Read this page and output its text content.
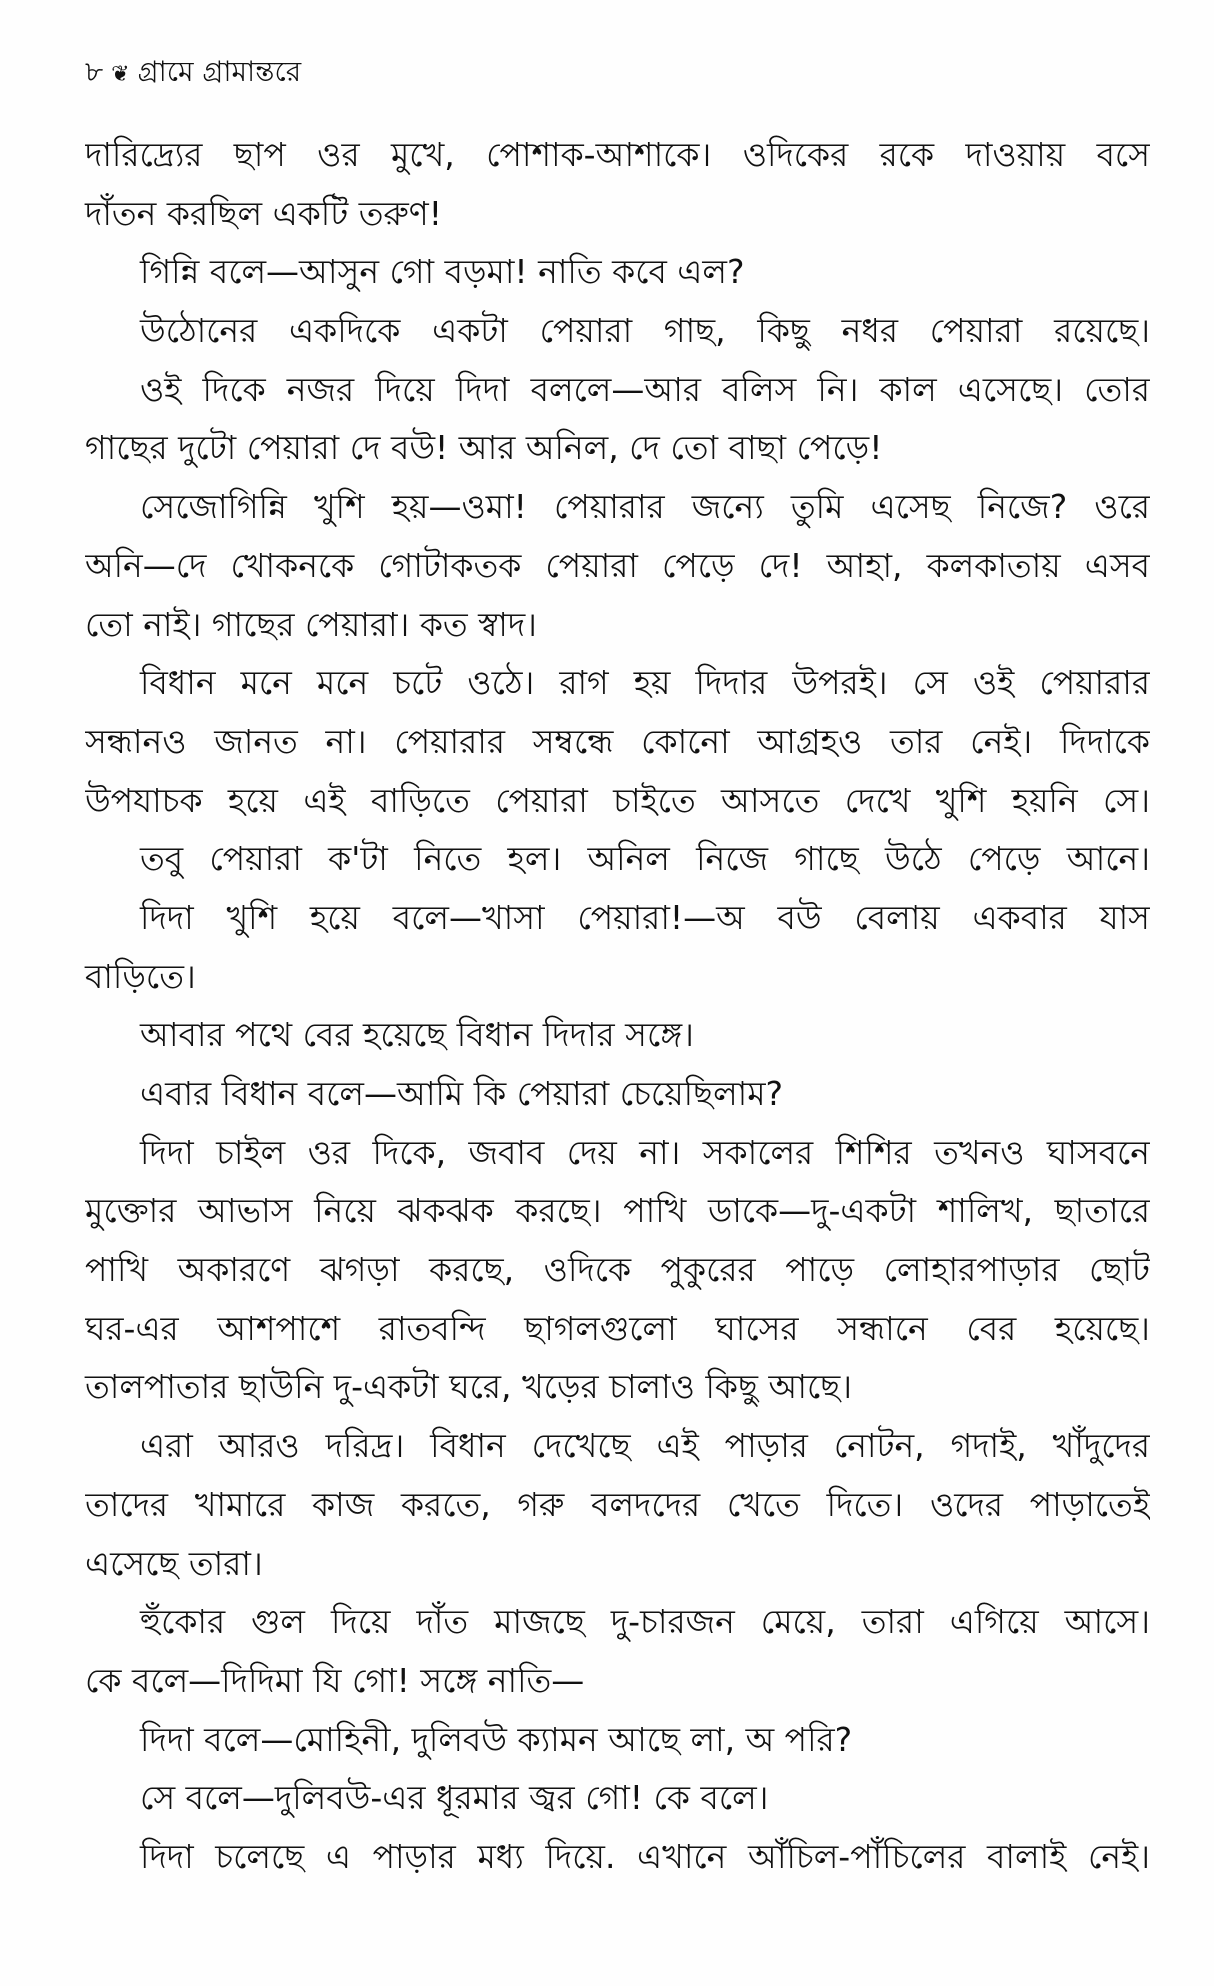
৮ ❦ গ্রামে গ্রামান্তরে
দারিদ্র্যের ছাপ ওর মুখে, পোশাক-আশাকে। ওদিকের রকে দাওয়ায় বসে
দাঁতন করছিল একটি তরুণ!
গিন্নি বলে—আসুন গো বড়মা! নাতি কবে এল?
উঠোনের একদিকে একটা পেয়ারা গাছ, কিছু নধর পেয়ারা রয়েছে।
ওই দিকে নজর দিয়ে দিদা বললে—আর বলিস নি। কাল এসেছে। তোর
গাছের দুটো পেয়ারা দে বউ! আর অনিল, দে তো বাছা পেড়ে!
সেজোগিন্নি খুশি হয়—ওমা! পেয়ারার জন্যে তুমি এসেছ নিজে? ওরে
অনি—দে খোকনকে গোটাকতক পেয়ারা পেড়ে দে! আহা, কলকাতায় এসব
তো নাই। গাছের পেয়ারা। কত স্বাদ।
বিধান মনে মনে চটে ওঠে। রাগ হয় দিদার উপরই। সে ওই পেয়ারার
সন্ধানও জানত না। পেয়ারার সম্বন্ধে কোনো আগ্রহও তার নেই। দিদাকে
উপযাচক হয়ে এই বাড়িতে পেয়ারা চাইতে আসতে দেখে খুশি হয়নি সে।
তবু পেয়ারা ক'টা নিতে হল। অনিল নিজে গাছে উঠে পেড়ে আনে।
দিদা খুশি হয়ে বলে—খাসা পেয়ারা!—অ বউ বেলায় একবার যাস
বাড়িতে।
আবার পথে বের হয়েছে বিধান দিদার সঙ্গে।
এবার বিধান বলে—আমি কি পেয়ারা চেয়েছিলাম?
দিদা চাইল ওর দিকে, জবাব দেয় না। সকালের শিশির তখনও ঘাসবনে
মুক্তোর আভাস নিয়ে ঝকঝক করছে। পাখি ডাকে—দু-একটা শালিখ, ছাতারে
পাখি অকারণে ঝগড়া করছে, ওদিকে পুকুরের পাড়ে লোহারপাড়ার ছোট
ঘর-এর আশপাশে রাতবন্দি ছাগলগুলো ঘাসের সন্ধানে বের হয়েছে।
তালপাতার ছাউনি দু-একটা ঘরে, খড়ের চালাও কিছু আছে।
এরা আরও দরিদ্র। বিধান দেখেছে এই পাড়ার নোটন, গদাই, খাঁদুদের
তাদের খামারে কাজ করতে, গরু বলদদের খেতে দিতে। ওদের পাড়াতেই
এসেছে তারা।
হুঁকোর গুল দিয়ে দাঁত মাজছে দু-চারজন মেয়ে, তারা এগিয়ে আসে।
কে বলে—দিদিমা যি গো! সঙ্গে নাতি—
দিদা বলে—মোহিনী, দুলিবউ ক্যামন আছে লা, অ পরি?
সে বলে—দুলিবউ-এর ধূরমার জ্বর গো! কে বলে।
দিদা চলেছে এ পাড়ার মধ্য দিয়ে. এখানে আঁচিল-পাঁচিলের বালাই নেই।
